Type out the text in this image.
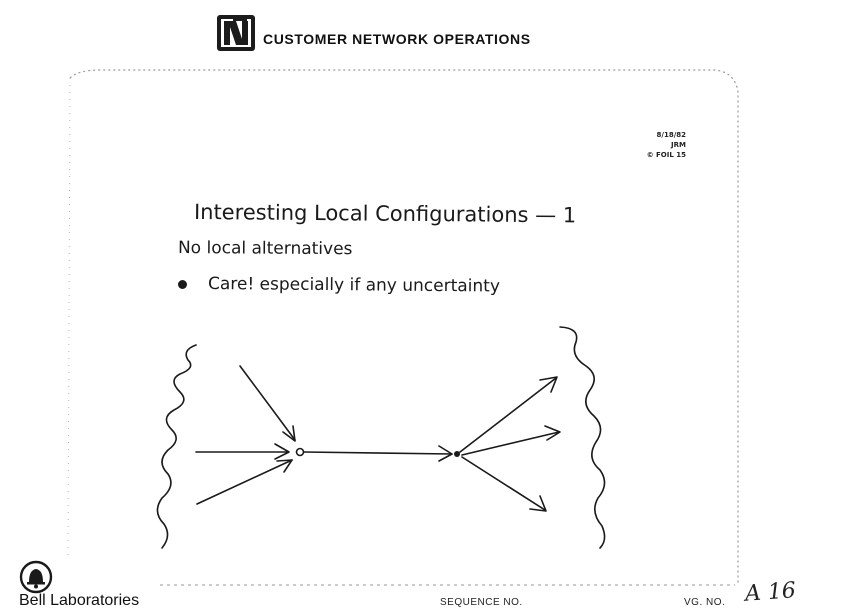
CUSTOMER NETWORK OPERATIONS
8/18/82
JRM
© FOIL 15
Interesting Local Configurations — 1
No local alternatives
Care! especially if any uncertainty
Bell Laboratories	SEQUENCE NO.	VG. NO. A 16
